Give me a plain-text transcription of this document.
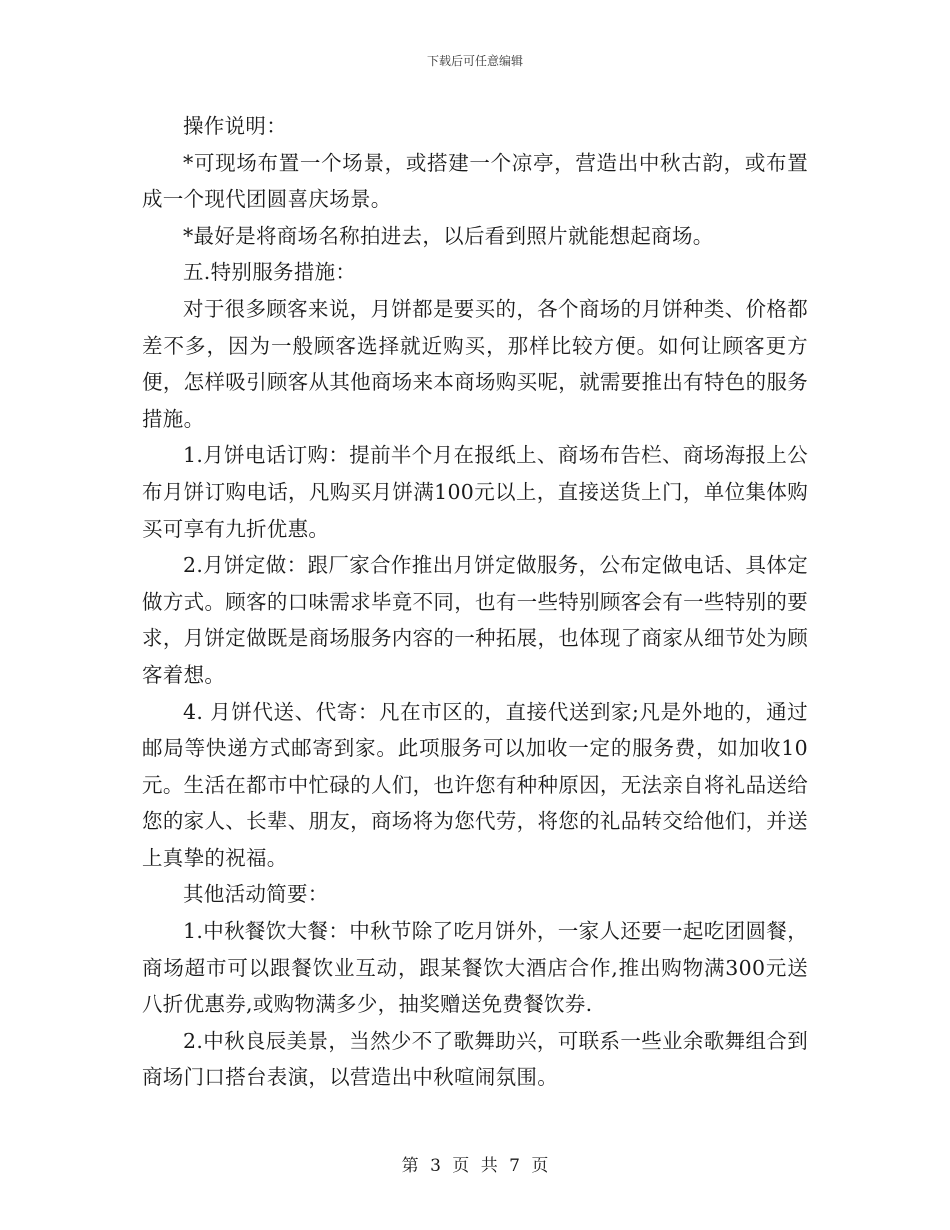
下载后可任意编辑

操作说明：

*可现场布置一个场景，或搭建一个凉亭，营造出中秋古韵，或布置成一个现代团圆喜庆场景。

*最好是将商场名称拍进去，以后看到照片就能想起商场。

五.特别服务措施：

对于很多顾客来说，月饼都是要买的，各个商场的月饼种类、价格都差不多，因为一般顾客选择就近购买，那样比较方便。如何让顾客更方便，怎样吸引顾客从其他商场来本商场购买呢，就需要推出有特色的服务措施。

1.月饼电话订购：提前半个月在报纸上、商场布告栏、商场海报上公布月饼订购电话，凡购买月饼满100元以上，直接送货上门，单位集体购买可享有九折优惠。

2.月饼定做：跟厂家合作推出月饼定做服务，公布定做电话、具体定做方式。顾客的口味需求毕竟不同，也有一些特别顾客会有一些特别的要求，月饼定做既是商场服务内容的一种拓展，也体现了商家从细节处为顾客着想。

4. 月饼代送、代寄：凡在市区的，直接代送到家;凡是外地的，通过邮局等快递方式邮寄到家。此项服务可以加收一定的服务费，如加收10元。生活在都市中忙碌的人们，也许您有种种原因，无法亲自将礼品送给您的家人、长辈、朋友，商场将为您代劳，将您的礼品转交给他们，并送上真挚的祝福。

其他活动简要：

1.中秋餐饮大餐：中秋节除了吃月饼外，一家人还要一起吃团圆餐，商场超市可以跟餐饮业互动，跟某餐饮大酒店合作,推出购物满300元送八折优惠券,或购物满多少，抽奖赠送免费餐饮券.

2.中秋良辰美景，当然少不了歌舞助兴，可联系一些业余歌舞组合到商场门口搭台表演，以营造出中秋喧闹氛围。

第 3 页 共 7 页
